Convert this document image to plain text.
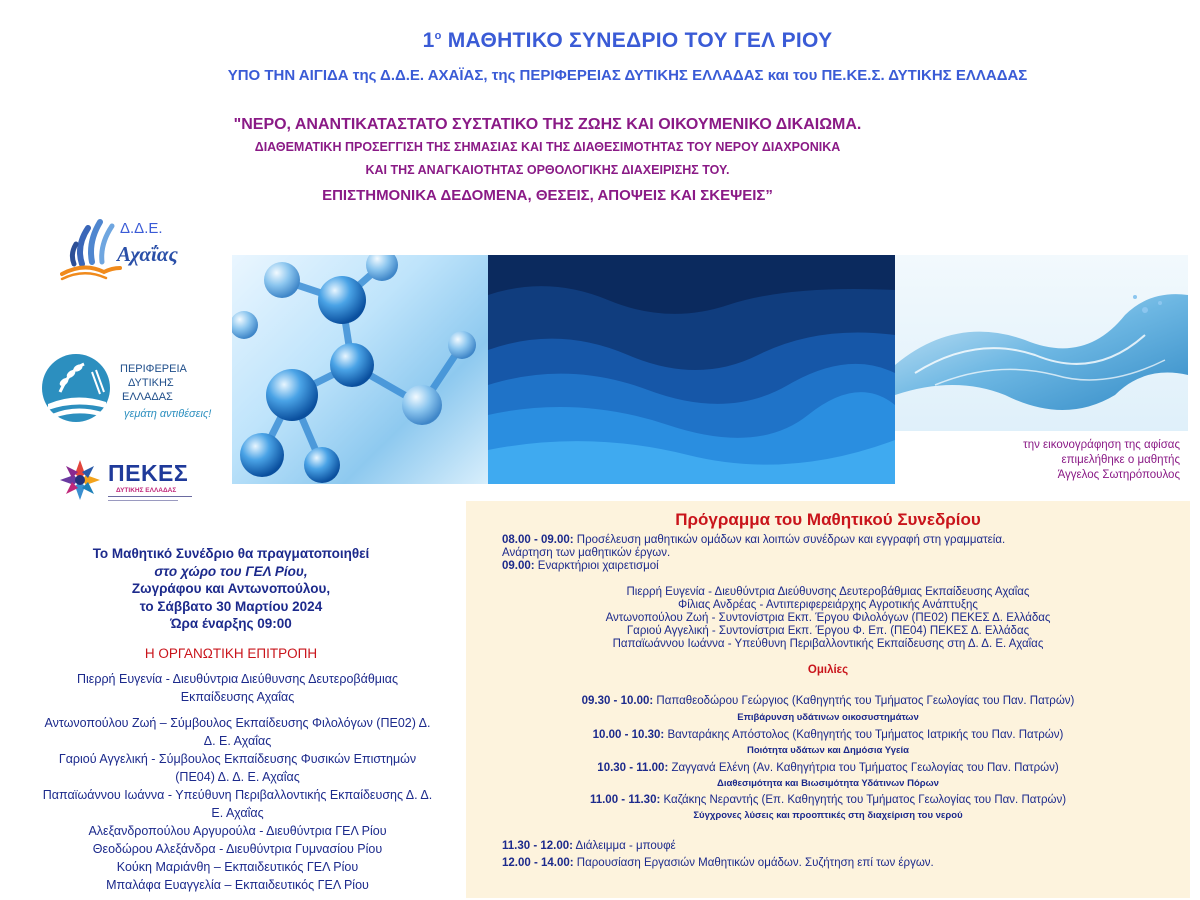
$1^o$ ΜΑΘΗΤΙΚΟ ΣΥΝΕΔΡΙΟ ΤΟΥ ΓΕΛ ΡΙΟΥ
ΥΠΟ ΤΗΝ ΑΙΓΙΔΑ της Δ.Δ.Ε. ΑΧΑΪΑΣ, της ΠΕΡΙΦΕΡΕΙΑΣ ΔΥΤΙΚΗΣ ΕΛΛΑΔΑΣ και του ΠΕ.ΚΕ.Σ. ΔΥΤΙΚΗΣ ΕΛΛΑΔΑΣ
"ΝΕΡΟ, ΑΝΑΝΤΙΚΑΤΑΣΤΑΤΟ ΣΥΣΤΑΤΙΚΟ ΤΗΣ ΖΩΗΣ ΚΑΙ ΟΙΚΟΥΜΕΝΙΚΟ ΔΙΚΑΙΩΜΑ.
ΔΙΑΘΕΜΑΤΙΚΗ ΠΡΟΣΕΓΓΙΣΗ ΤΗΣ ΣΗΜΑΣΙΑΣ ΚΑΙ ΤΗΣ ΔΙΑΘΕΣΙΜΟΤΗΤΑΣ ΤΟΥ ΝΕΡΟΥ ΔΙΑΧΡΟΝΙΚΑ
ΚΑΙ ΤΗΣ ΑΝΑΓΚΑΙΟΤΗΤΑΣ ΟΡΘΟΛΟΓΙΚΗΣ ΔΙΑΧΕΙΡΙΣΗΣ ΤΟΥ.
ΕΠΙΣΤΗΜΟΝΙΚΑ ΔΕΔΟΜΕΝΑ, ΘΕΣΕΙΣ, ΑΠΟΨΕΙΣ ΚΑΙ ΣΚΕΨΕΙΣ”
Δ.Δ.Ε.
Αχαΐας
ΠΕΡΙΦΕΡΕΙΑ
ΔΥΤΙΚΗΣ
ΕΛΛΑΔΑΣ
γεμάτη αντιθέσεις!
ΠΕΚΕΣ
ΔΥΤΙΚΗΣ ΕΛΛΑΔΑΣ
την εικονογράφηση της αφίσας
επιμελήθηκε ο μαθητής
Άγγελος Σωτηρόπουλος
Το Μαθητικό Συνέδριο θα πραγματοποιηθεί
στο χώρο του ΓΕΛ Ρίου,
Ζωγράφου και Αντωνοπούλου,
το Σάββατο 30 Μαρτίου 2024
Ώρα έναρξης 09:00
Η ΟΡΓΑΝΩΤΙΚΗ ΕΠΙΤΡΟΠΗ
Πιερρή Ευγενία - Διευθύντρια Διεύθυνσης Δευτεροβάθμιας Εκπαίδευσης Αχαΐας
Αντωνοπούλου Ζωή – Σύμβουλος Εκπαίδευσης Φιλολόγων (ΠΕ02) Δ. Δ. Ε. Αχαΐας
Γαριού Αγγελική - Σύμβουλος Εκπαίδευσης Φυσικών Επιστημών (ΠΕ04) Δ. Δ. Ε. Αχαΐας
Παπαϊωάννου Ιωάννα - Υπεύθυνη Περιβαλλοντικής Εκπαίδευσης Δ. Δ. Ε. Αχαΐας
Αλεξανδροπούλου Αργυρούλα - Διευθύντρια ΓΕΛ Ρίου
Θεοδώρου Αλεξάνδρα - Διευθύντρια Γυμνασίου Ρίου
Κούκη Μαριάνθη – Εκπαιδευτικός ΓΕΛ Ρίου
Μπαλάφα Ευαγγελία – Εκπαιδευτικός ΓΕΛ Ρίου
Πρόγραμμα του Μαθητικού Συνεδρίου
08.00 - 09.00: Προσέλευση μαθητικών ομάδων και λοιπών συνέδρων και εγγραφή στη γραμματεία.
Ανάρτηση των μαθητικών έργων.
09.00: Εναρκτήριοι χαιρετισμοί
Πιερρή Ευγενία - Διευθύντρια Διεύθυνσης Δευτεροβάθμιας Εκπαίδευσης Αχαΐας
Φίλιας Ανδρέας - Αντιπεριφερειάρχης Αγροτικής Ανάπτυξης
Αντωνοπούλου Ζωή - Συντονίστρια Εκπ. Έργου Φιλολόγων (ΠΕ02) ΠΕΚΕΣ Δ. Ελλάδας
Γαριού Αγγελική - Συντονίστρια Εκπ. Έργου Φ. Επ. (ΠΕ04) ΠΕΚΕΣ Δ. Ελλάδας
Παπαϊωάννου Ιωάννα - Υπεύθυνη Περιβαλλοντικής Εκπαίδευσης στη Δ. Δ. Ε. Αχαΐας
Ομιλίες
09.30 - 10.00: Παπαθεοδώρου Γεώργιος (Καθηγητής του Τμήματος Γεωλογίας του Παν. Πατρών)
Επιβάρυνση υδάτινων οικοσυστημάτων
10.00 - 10.30: Βανταράκης Απόστολος (Καθηγητής του Τμήματος Ιατρικής του Παν. Πατρών)
Ποιότητα υδάτων και Δημόσια Υγεία
10.30 - 11.00: Ζαγγανά Ελένη (Αν. Καθηγήτρια του Τμήματος Γεωλογίας του Παν. Πατρών)
Διαθεσιμότητα και Βιωσιμότητα Υδάτινων Πόρων
11.00 - 11.30: Καζάκης Νεραντής (Επ. Καθηγητής του Τμήματος Γεωλογίας του Παν. Πατρών)
Σύγχρονες λύσεις και προοπτικές στη διαχείριση του νερού
11.30 - 12.00: Διάλειμμα - μπουφέ
12.00 - 14.00: Παρουσίαση Εργασιών Μαθητικών ομάδων. Συζήτηση επί των έργων.
